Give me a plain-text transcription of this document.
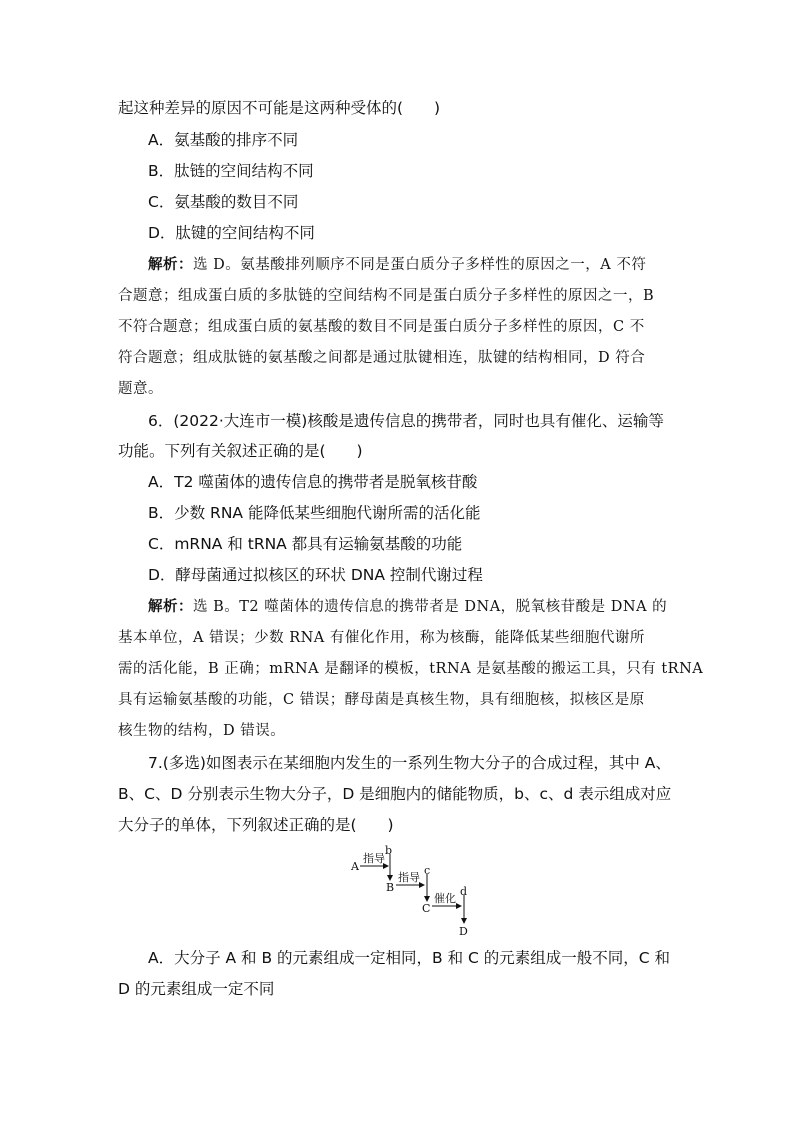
起这种差异的原因不可能是这两种受体的(　　)
A．氨基酸的排序不同
B．肽链的空间结构不同
C．氨基酸的数目不同
D．肽键的空间结构不同
解析：选 D。氨基酸排列顺序不同是蛋白质分子多样性的原因之一，A 不符
合题意；组成蛋白质的多肽链的空间结构不同是蛋白质分子多样性的原因之一，B
不符合题意；组成蛋白质的氨基酸的数目不同是蛋白质分子多样性的原因，C 不
符合题意；组成肽链的氨基酸之间都是通过肽键相连，肽键的结构相同，D 符合
题意。
6．(2022·大连市一模)核酸是遗传信息的携带者，同时也具有催化、运输等
功能。下列有关叙述正确的是(　　)
A．T2 噬菌体的遗传信息的携带者是脱氧核苷酸
B．少数 RNA 能降低某些细胞代谢所需的活化能
C．mRNA 和 tRNA 都具有运输氨基酸的功能
D．酵母菌通过拟核区的环状 DNA 控制代谢过程
解析：选 B。T2 噬菌体的遗传信息的携带者是 DNA，脱氧核苷酸是 DNA 的
基本单位，A 错误；少数 RNA 有催化作用，称为核酶，能降低某些细胞代谢所
需的活化能，B 正确；mRNA 是翻译的模板，tRNA 是氨基酸的搬运工具，只有 tRNA
具有运输氨基酸的功能，C 错误；酵母菌是真核生物，具有细胞核，拟核区是原
核生物的结构，D 错误。
7.(多选)如图表示在某细胞内发生的一系列生物大分子的合成过程，其中 A、
B、C、D 分别表示生物大分子，D 是细胞内的储能物质，b、c、d 表示组成对应
大分子的单体，下列叙述正确的是(　　)
A
指导
b
B
指导
c
C
催化
d
D
A．大分子 A 和 B 的元素组成一定相同，B 和 C 的元素组成一般不同，C 和
D 的元素组成一定不同
